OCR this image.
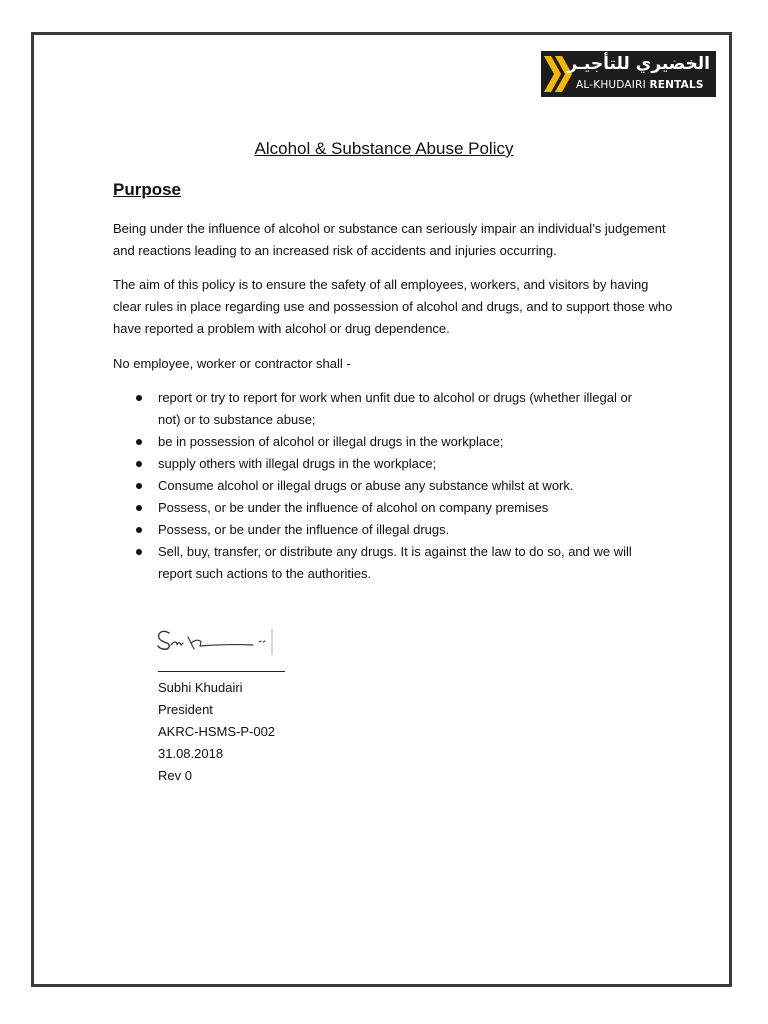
الخضيري للتأجيـر
AL-KHUDAIRI RENTALS
Alcohol & Substance Abuse Policy
Purpose

Being under the influence of alcohol or substance can seriously impair an individual’s judgement and reactions leading to an increased risk of accidents and injuries occurring.

The aim of this policy is to ensure the safety of all employees, workers, and visitors by having clear rules in place regarding use and possession of alcohol and drugs, and to support those who have reported a problem with alcohol or drug dependence.

No employee, worker or contractor shall -

report or try to report for work when unfit due to alcohol or drugs (whether illegal or not) or to substance abuse;
be in possession of alcohol or illegal drugs in the workplace;
supply others with illegal drugs in the workplace;
Consume alcohol or illegal drugs or abuse any substance whilst at work.
Possess, or be under the influence of alcohol on company premises
Possess, or be under the influence of illegal drugs.
Sell, buy, transfer, or distribute any drugs. It is against the law to do so, and we will report such actions to the authorities.
Subhi Khudairi
President
AKRC-HSMS-P-002
31.08.2018
Rev 0
